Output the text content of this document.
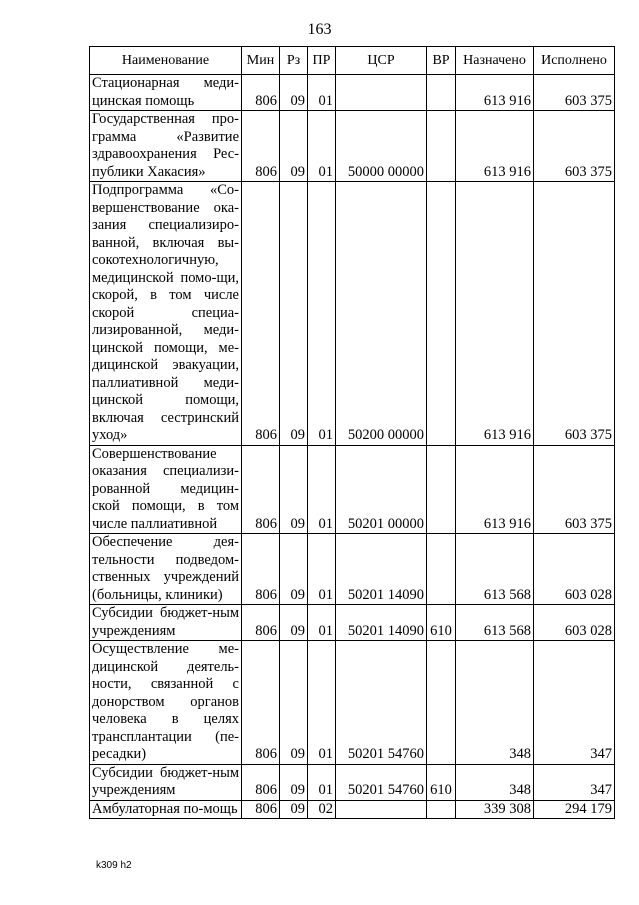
163
Наименование	Мин	Рз	ПР	ЦСР	ВР	Назначено	Исполнено
Стационарная меди-цинская помощь	806	09	01			613 916	603 375
Государственная про-грамма «Развитие здравоохранения Рес-публики Хакасия»	806	09	01	50000 00000		613 916	603 375
Подпрограмма «Со-вершенствование ока-зания специализиро-ванной, включая вы-сокотехнологичную, медицинской помо-щи, скорой, в том числе скорой специа-лизированной, меди-цинской помощи, ме-дицинской эвакуации, паллиативной меди-цинской помощи, включая сестринский уход»	806	09	01	50200 00000		613 916	603 375
Совершенствование оказания специализи-рованной медицин-ской помощи, в том числе паллиативной	806	09	01	50201 00000		613 916	603 375
Обеспечение дея-тельности подведом-ственных учреждений (больницы, клиники)	806	09	01	50201 14090		613 568	603 028
Субсидии бюджет-ным учреждениям	806	09	01	50201 14090	610	613 568	603 028
Осуществление ме-дицинской деятель-ности, связанной с донорством органов человека в целях трансплантации (пе-ресадки)	806	09	01	50201 54760		348	347
Субсидии бюджет-ным учреждениям	806	09	01	50201 54760	610	348	347
Амбулаторная по-мощь	806	09	02			339 308	294 179
k309 h2
